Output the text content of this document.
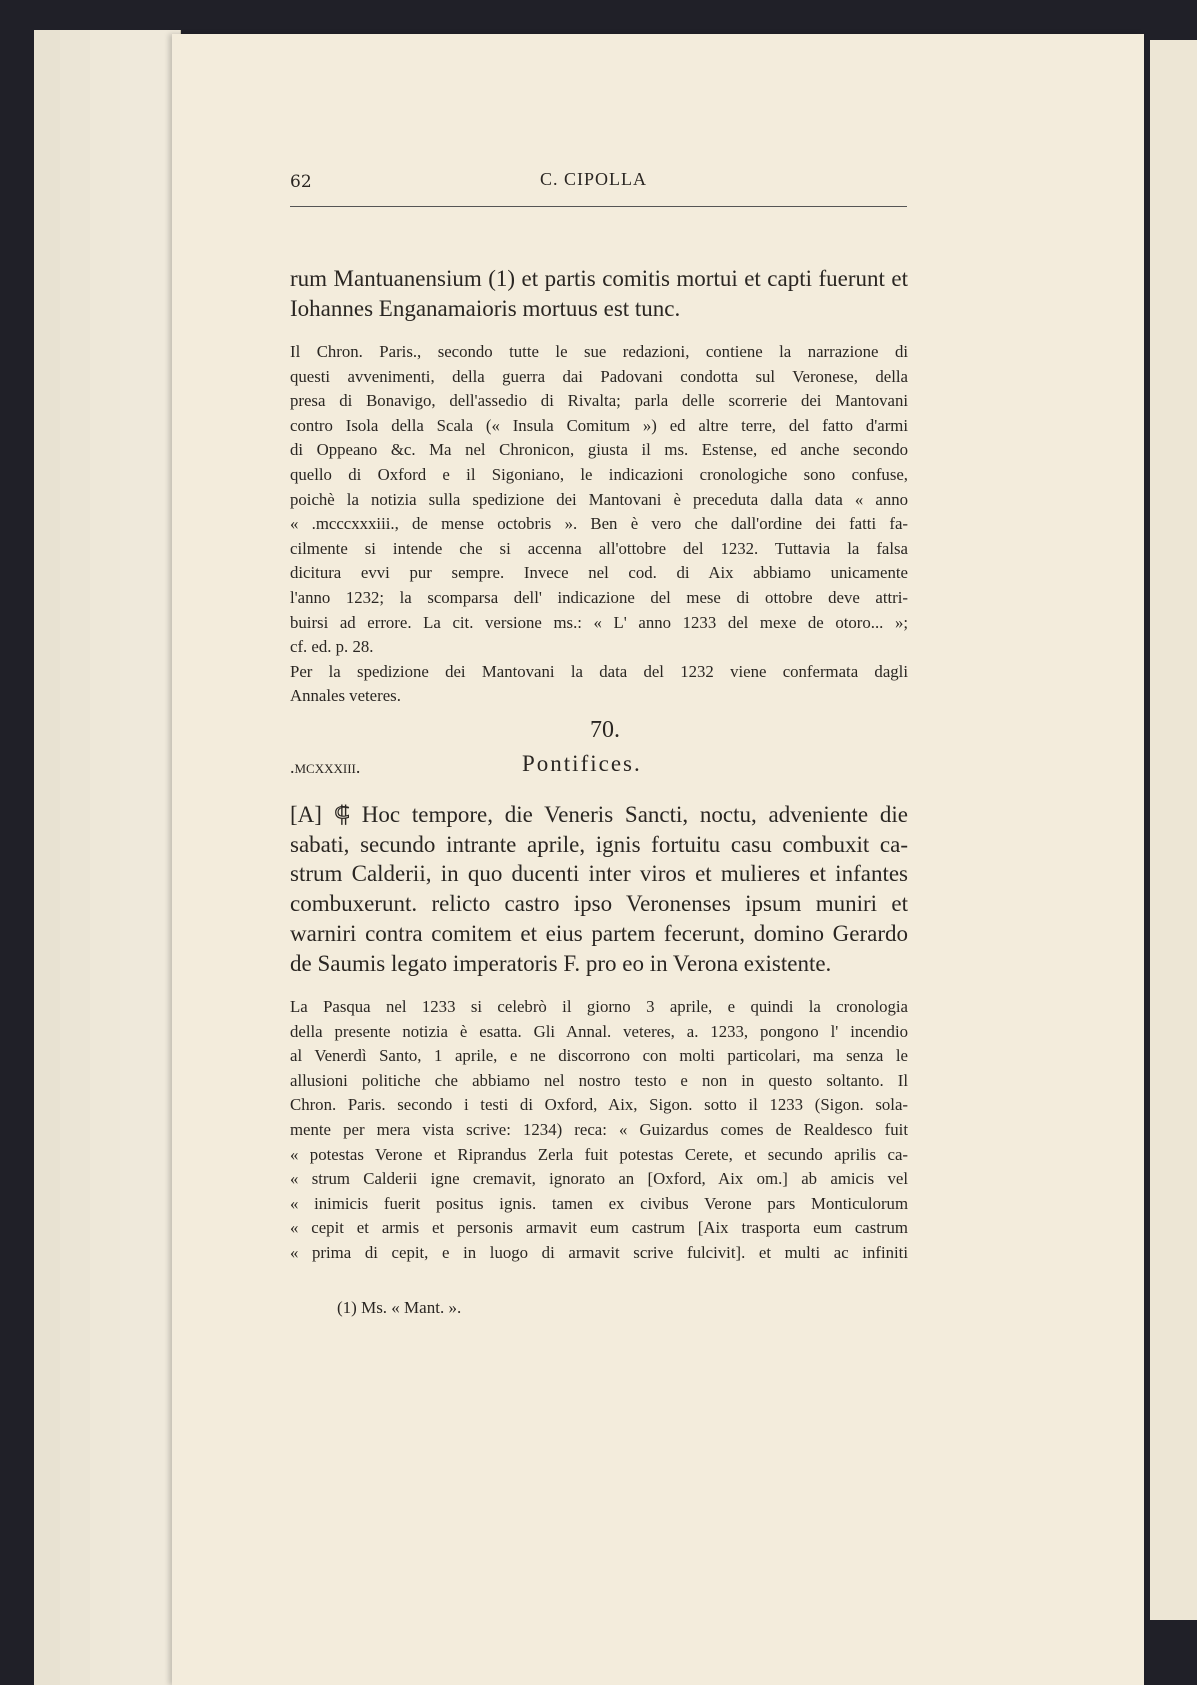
62	C. CIPOLLA
rum Mantuanensium (1) et partis comitis mortui et capti fuerunt et
Iohannes Enganamaioris mortuus est tunc.
Il Chron. Paris., secondo tutte le sue redazioni, contiene la narrazione di
questi avvenimenti, della guerra dai Padovani condotta sul Veronese, della
presa di Bonavigo, dell'assedio di Rivalta; parla delle scorrerie dei Mantovani
contro Isola della Scala (« Insula Comitum ») ed altre terre, del fatto d'armi
di Oppeano &c. Ma nel Chronicon, giusta il ms. Estense, ed anche secondo
quello di Oxford e il Sigoniano, le indicazioni cronologiche sono confuse,
poichè la notizia sulla spedizione dei Mantovani è preceduta dalla data « anno
« .mcccxxxiii., de mense octobris ». Ben è vero che dall'ordine dei fatti fa-
cilmente si intende che si accenna all'ottobre del 1232. Tuttavia la falsa
dicitura evvi pur sempre. Invece nel cod. di Aix abbiamo unicamente
l'anno 1232; la scomparsa dell' indicazione del mese di ottobre deve attri-
buirsi ad errore. La cit. versione ms.: « L' anno 1233 del mexe de otoro... »;
cf. ed. p. 28.
Per la spedizione dei Mantovani la data del 1232 viene confermata dagli
Annales veteres.
70.
.mcxxxiii.	Pontifices.
[A] ⸿ Hoc tempore, die Veneris Sancti, noctu, adveniente die
sabati, secundo intrante aprile, ignis fortuitu casu combuxit ca-
strum Calderii, in quo ducenti inter viros et mulieres et infantes
combuxerunt. relicto castro ipso Veronenses ipsum muniri et
warniri contra comitem et eius partem fecerunt, domino Gerardo
de Saumis legato imperatoris F. pro eo in Verona existente.
La Pasqua nel 1233 si celebrò il giorno 3 aprile, e quindi la cronologia
della presente notizia è esatta. Gli Annal. veteres, a. 1233, pongono l' incendio
al Venerdì Santo, 1 aprile, e ne discorrono con molti particolari, ma senza le
allusioni politiche che abbiamo nel nostro testo e non in questo soltanto. Il
Chron. Paris. secondo i testi di Oxford, Aix, Sigon. sotto il 1233 (Sigon. sola-
mente per mera vista scrive: 1234) reca: « Guizardus comes de Realdesco fuit
« potestas Verone et Riprandus Zerla fuit potestas Cerete, et secundo aprilis ca-
« strum Calderii igne cremavit, ignorato an [Oxford, Aix om.] ab amicis vel
« inimicis fuerit positus ignis. tamen ex civibus Verone pars Monticulorum
« cepit et armis et personis armavit eum castrum [Aix trasporta eum castrum
« prima di cepit, e in luogo di armavit scrive fulcivit]. et multi ac infiniti
(1) Ms. « Mant. ».
